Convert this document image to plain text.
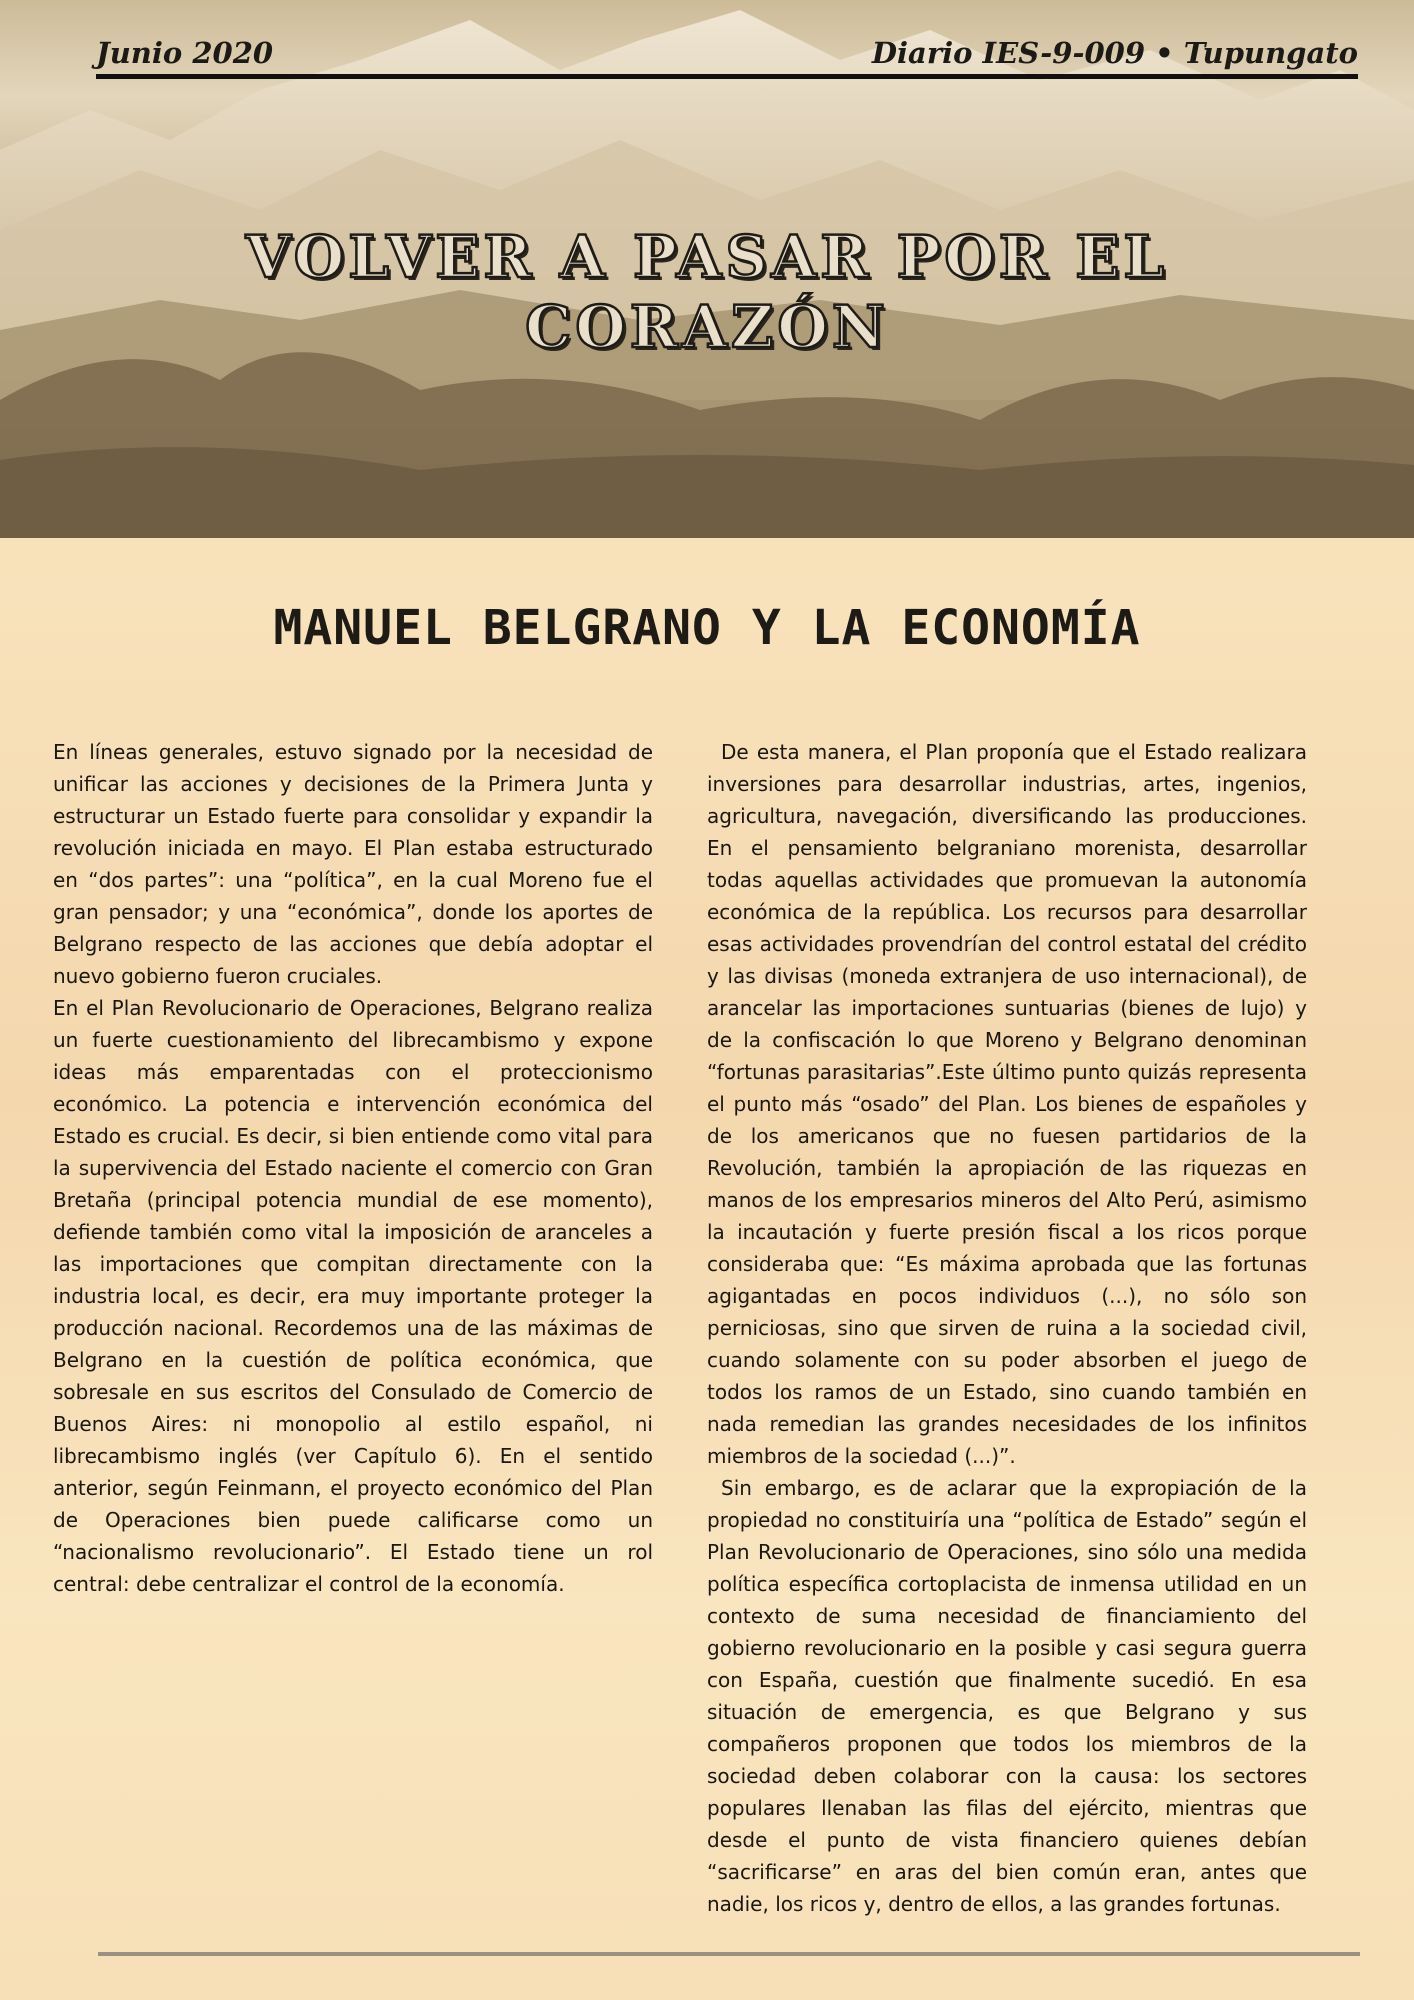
Junio 2020	Diario IES-9-009 • Tupungato
VOLVER A PASAR POR EL
CORAZÓN
MANUEL BELGRANO Y LA ECONOMÍA

En líneas generales, estuvo signado por la necesidad de unificar las acciones y decisiones de la Primera Junta y estructurar un Estado fuerte para consolidar y expandir la revolución iniciada en mayo. El Plan estaba estructurado en “dos partes”: una “política”, en la cual Moreno fue el gran pensador; y una “económica”, donde los aportes de Belgrano respecto de las acciones que debía adoptar el nuevo gobierno fueron cruciales.

En el Plan Revolucionario de Operaciones, Belgrano realiza un fuerte cuestionamiento del librecambismo y expone ideas más emparentadas con el proteccionismo económico. La potencia e intervención económica del Estado es crucial. Es decir, si bien entiende como vital para la supervivencia del Estado naciente el comercio con Gran Bretaña (principal potencia mundial de ese momento), defiende también como vital la imposición de aranceles a las importaciones que compitan directamente con la industria local, es decir, era muy importante proteger la producción nacional. Recordemos una de las máximas de Belgrano en la cuestión de política económica, que sobresale en sus escritos del Consulado de Comercio de Buenos Aires: ni monopolio al estilo español, ni librecambismo inglés (ver Capítulo 6). En el sentido anterior, según Feinmann, el proyecto económico del Plan de Operaciones bien puede calificarse como un “nacionalismo revolucionario”. El Estado tiene un rol central: debe centralizar el control de la economía.

De esta manera, el Plan proponía que el Estado realizara inversiones para desarrollar industrias, artes, ingenios, agricultura, navegación, diversificando las producciones. En el pensamiento belgraniano morenista, desarrollar todas aquellas actividades que promuevan la autonomía económica de la república. Los recursos para desarrollar esas actividades provendrían del control estatal del crédito y las divisas (moneda extranjera de uso internacional), de arancelar las importaciones suntuarias (bienes de lujo) y de la confiscación lo que Moreno y Belgrano denominan “fortunas parasitarias”.Este último punto quizás representa el punto más “osado” del Plan. Los bienes de españoles y de los americanos que no fuesen partidarios de la Revolución, también la apropiación de las riquezas en manos de los empresarios mineros del Alto Perú, asimismo la incautación y fuerte presión fiscal a los ricos porque consideraba que: “Es máxima aprobada que las fortunas agigantadas en pocos individuos (...), no sólo son perniciosas, sino que sirven de ruina a la sociedad civil, cuando solamente con su poder absorben el juego de todos los ramos de un Estado, sino cuando también en nada remedian las grandes necesidades de los infinitos miembros de la sociedad (...)”.

Sin embargo, es de aclarar que la expropiación de la propiedad no constituiría una “política de Estado” según el Plan Revolucionario de Operaciones, sino sólo una medida política específica cortoplacista de inmensa utilidad en un contexto de suma necesidad de financiamiento del gobierno revolucionario en la posible y casi segura guerra con España, cuestión que finalmente sucedió. En esa situación de emergencia, es que Belgrano y sus compañeros proponen que todos los miembros de la sociedad deben colaborar con la causa: los sectores populares llenaban las filas del ejército, mientras que desde el punto de vista financiero quienes debían “sacrificarse” en aras del bien común eran, antes que nadie, los ricos y, dentro de ellos, a las grandes fortunas.
